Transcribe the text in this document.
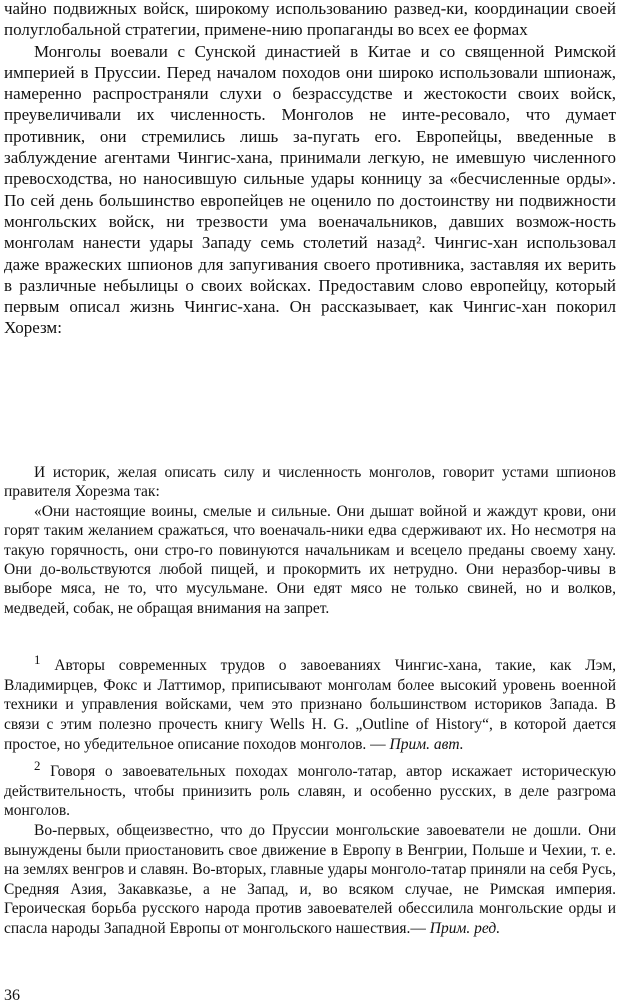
чайно подвижных войск, широкому использованию развед-ки, координации своей полуглобальной стратегии, примене-нию пропаганды во всех ее формах

Монголы воевали с Сунской династией в Китае и со священной Римской империей в Пруссии. Перед началом походов они широко использовали шпионаж, намеренно распространяли слухи о безрассудстве и жестокости своих войск, преувеличивали их численность. Монголов не инте-ресовало, что думает противник, они стремились лишь за-пугать его. Европейцы, введенные в заблуждение агентами Чингис-хана, принимали легкую, не имевшую численного превосходства, но наносившую сильные удары конницу за «бесчисленные орды». По сей день большинство европейцев не оценило по достоинству ни подвижности монгольских войск, ни трезвости ума военачальников, давших возмож-ность монголам нанести удары Западу семь столетий назад². Чингис-хан использовал даже вражеских шпионов для запугивания своего противника, заставляя их верить в различные небылицы о своих войсках. Предоставим слово европейцу, который первым описал жизнь Чингис-хана. Он рассказывает, как Чингис-хан покорил Хорезм:

И историк, желая описать силу и численность монголов, говорит устами шпионов правителя Хорезма так:

«Они настоящие воины, смелые и сильные. Они дышат войной и жаждут крови, они горят таким желанием сражаться, что военачаль-ники едва сдерживают их. Но несмотря на такую горячность, они стро-го повинуются начальникам и всецело преданы своему хану. Они до-вольствуются любой пищей, и прокормить их нетрудно. Они неразбор-чивы в выборе мяса, не то, что мусульмане. Они едят мясо не только свиней, но и волков, медведей, собак, не обращая внимания на запрет.

$^1$ Авторы современных трудов о завоеваниях Чингис-хана, такие, как Лэм, Владимирцев, Фокс и Латтимор, приписывают монголам более высокий уровень военной техники и управления войсками, чем это признано большинством историков Запада. В связи с этим полезно прочесть книгу Wells H. G. „Outline of History“, в которой дается простое, но убедительное описание походов монголов. — Прим. авт.

$^2$ Говоря о завоевательных походах монголо-татар, автор искажает историческую действительность, чтобы принизить роль славян, и особенно русских, в деле разгрома монголов.

Во-первых, общеизвестно, что до Пруссии монгольские завоеватели не дошли. Они вынуждены были приостановить свое движение в Европу в Венгрии, Польше и Чехии, т. е. на землях венгров и славян. Во-вторых, главные удары монголо-татар приняли на себя Русь, Средняя Азия, Закавказье, а не Запад, и, во всяком случае, не Римская империя. Героическая борьба русского народа против завоевателей обессилила монгольские орды и спасла народы Западной Европы от монгольского нашествия.— Прим. ред.

36
